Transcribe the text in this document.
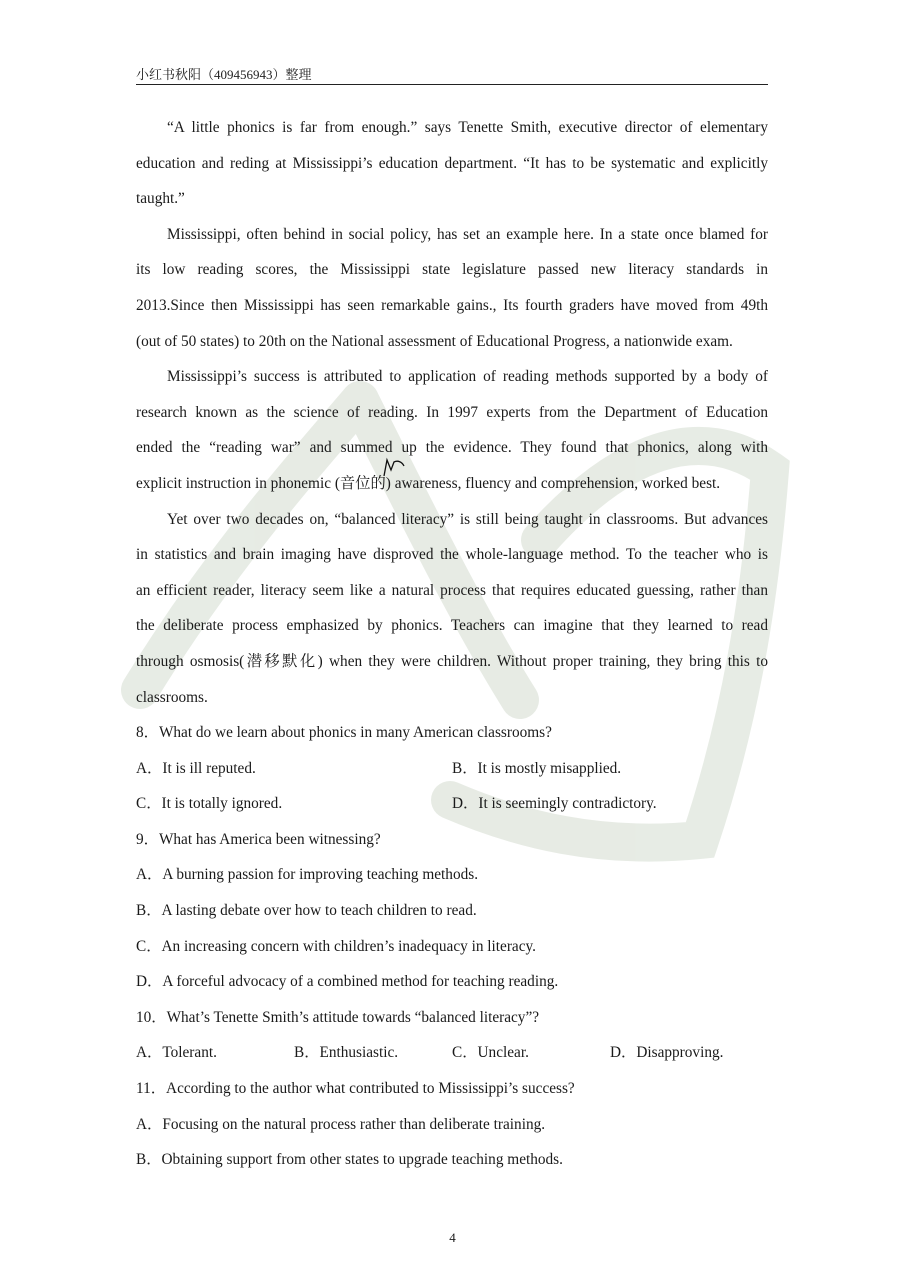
小红书秋阳（409456943）整理
“A little phonics is far from enough.” says Tenette Smith, executive director of elementary
education and reding at Mississippi’s education department. “It has to be systematic and explicitly
taught.”
Mississippi, often behind in social policy, has set an example here. In a state once blamed for
its low reading scores, the Mississippi state legislature passed new literacy standards in
2013.Since then Mississippi has seen remarkable gains., Its fourth graders have moved from 49th
(out of 50 states) to 20th on the National assessment of Educational Progress, a nationwide exam.
Mississippi’s success is attributed to application of reading methods supported by a body of
research known as the science of reading. In 1997 experts from the Department of Education
ended the “reading war” and summed up the evidence. They found that phonics, along with
explicit instruction in phonemic (音位的) awareness, fluency and comprehension, worked best.
Yet over two decades on, “balanced literacy” is still being taught in classrooms. But advances
in statistics and brain imaging have disproved the whole-language method. To the teacher who is
an efficient reader, literacy seem like a natural process that requires educated guessing, rather than
the deliberate process emphasized by phonics. Teachers can imagine that they learned to read
through osmosis(潜移默化) when they were children. Without proper training, they bring this to
classrooms.
8．What do we learn about phonics in many American classrooms?
A．It is ill reputed.	B．It is mostly misapplied.
C．It is totally ignored.	D．It is seemingly contradictory.
9．What has America been witnessing?
A．A burning passion for improving teaching methods.
B．A lasting debate over how to teach children to read.
C．An increasing concern with children’s inadequacy in literacy.
D．A forceful advocacy of a combined method for teaching reading.
10．What’s Tenette Smith’s attitude towards “balanced literacy”?
A．Tolerant.	B．Enthusiastic.	C．Unclear.	D．Disapproving.
11．According to the author what contributed to Mississippi’s success?
A．Focusing on the natural process rather than deliberate training.
B．Obtaining support from other states to upgrade teaching methods.
4
